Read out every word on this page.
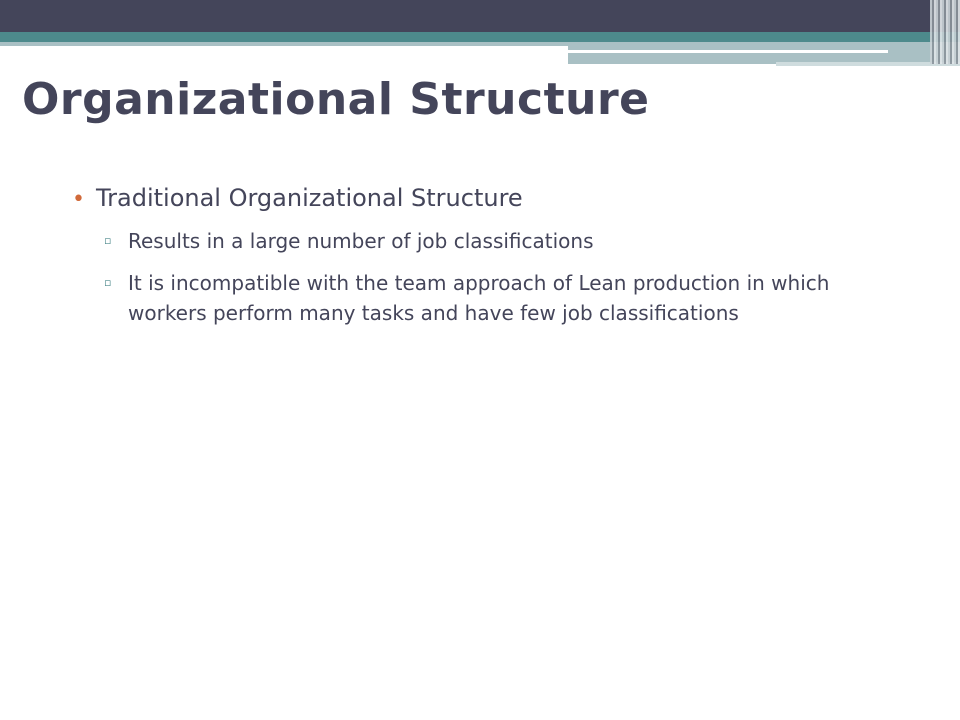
Organizational Structure
• Traditional Organizational Structure
▫ Results in a large number of job classifications
▫ It is incompatible with the team approach of Lean production in which workers perform many tasks and have few job classifications
